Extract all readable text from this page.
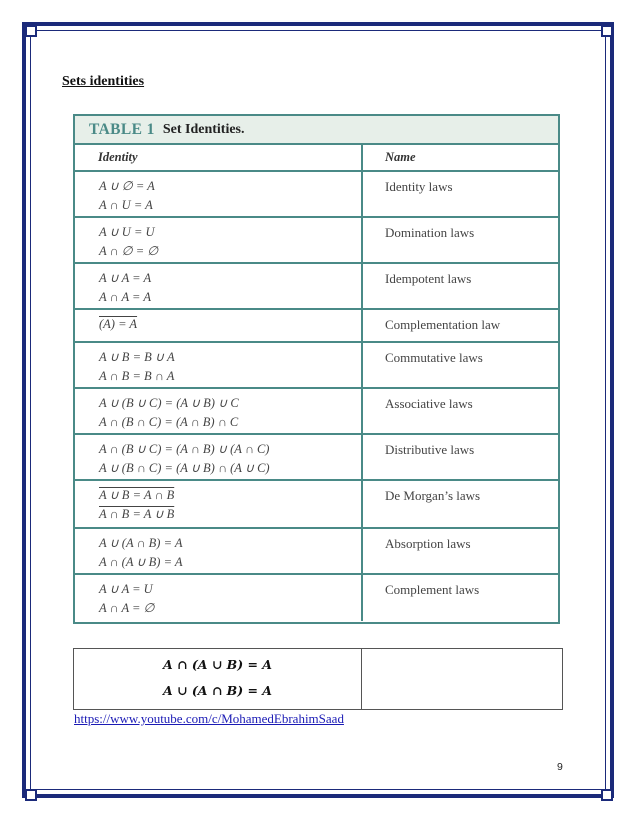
Sets identities
TABLE 1 Set Identities.
Identity	Name
A ∪ ∅ = A
A ∩ U = A
Identity laws
A ∪ U = U
A ∩ ∅ = ∅
Domination laws
A ∪ A = A
A ∩ A = A
Idempotent laws
(A) = A	Complementation law
A ∪ B = B ∪ A
A ∩ B = B ∩ A
Commutative laws
A ∪ (B ∪ C) = (A ∪ B) ∪ C
A ∩ (B ∩ C) = (A ∩ B) ∩ C
Associative laws
A ∩ (B ∪ C) = (A ∩ B) ∪ (A ∩ C)
A ∪ (B ∩ C) = (A ∪ B) ∩ (A ∪ C)
Distributive laws
A ∪ B = A ∩ B
A ∩ B = A ∪ B
De Morgan’s laws
A ∪ (A ∩ B) = A
A ∩ (A ∪ B) = A
Absorption laws
A ∪ A = U
A ∩ A = ∅
Complement laws
A ∩ (A ∪ B) = A
A ∪ (A ∩ B) = A
https://www.youtube.com/c/MohamedEbrahimSaad
9
